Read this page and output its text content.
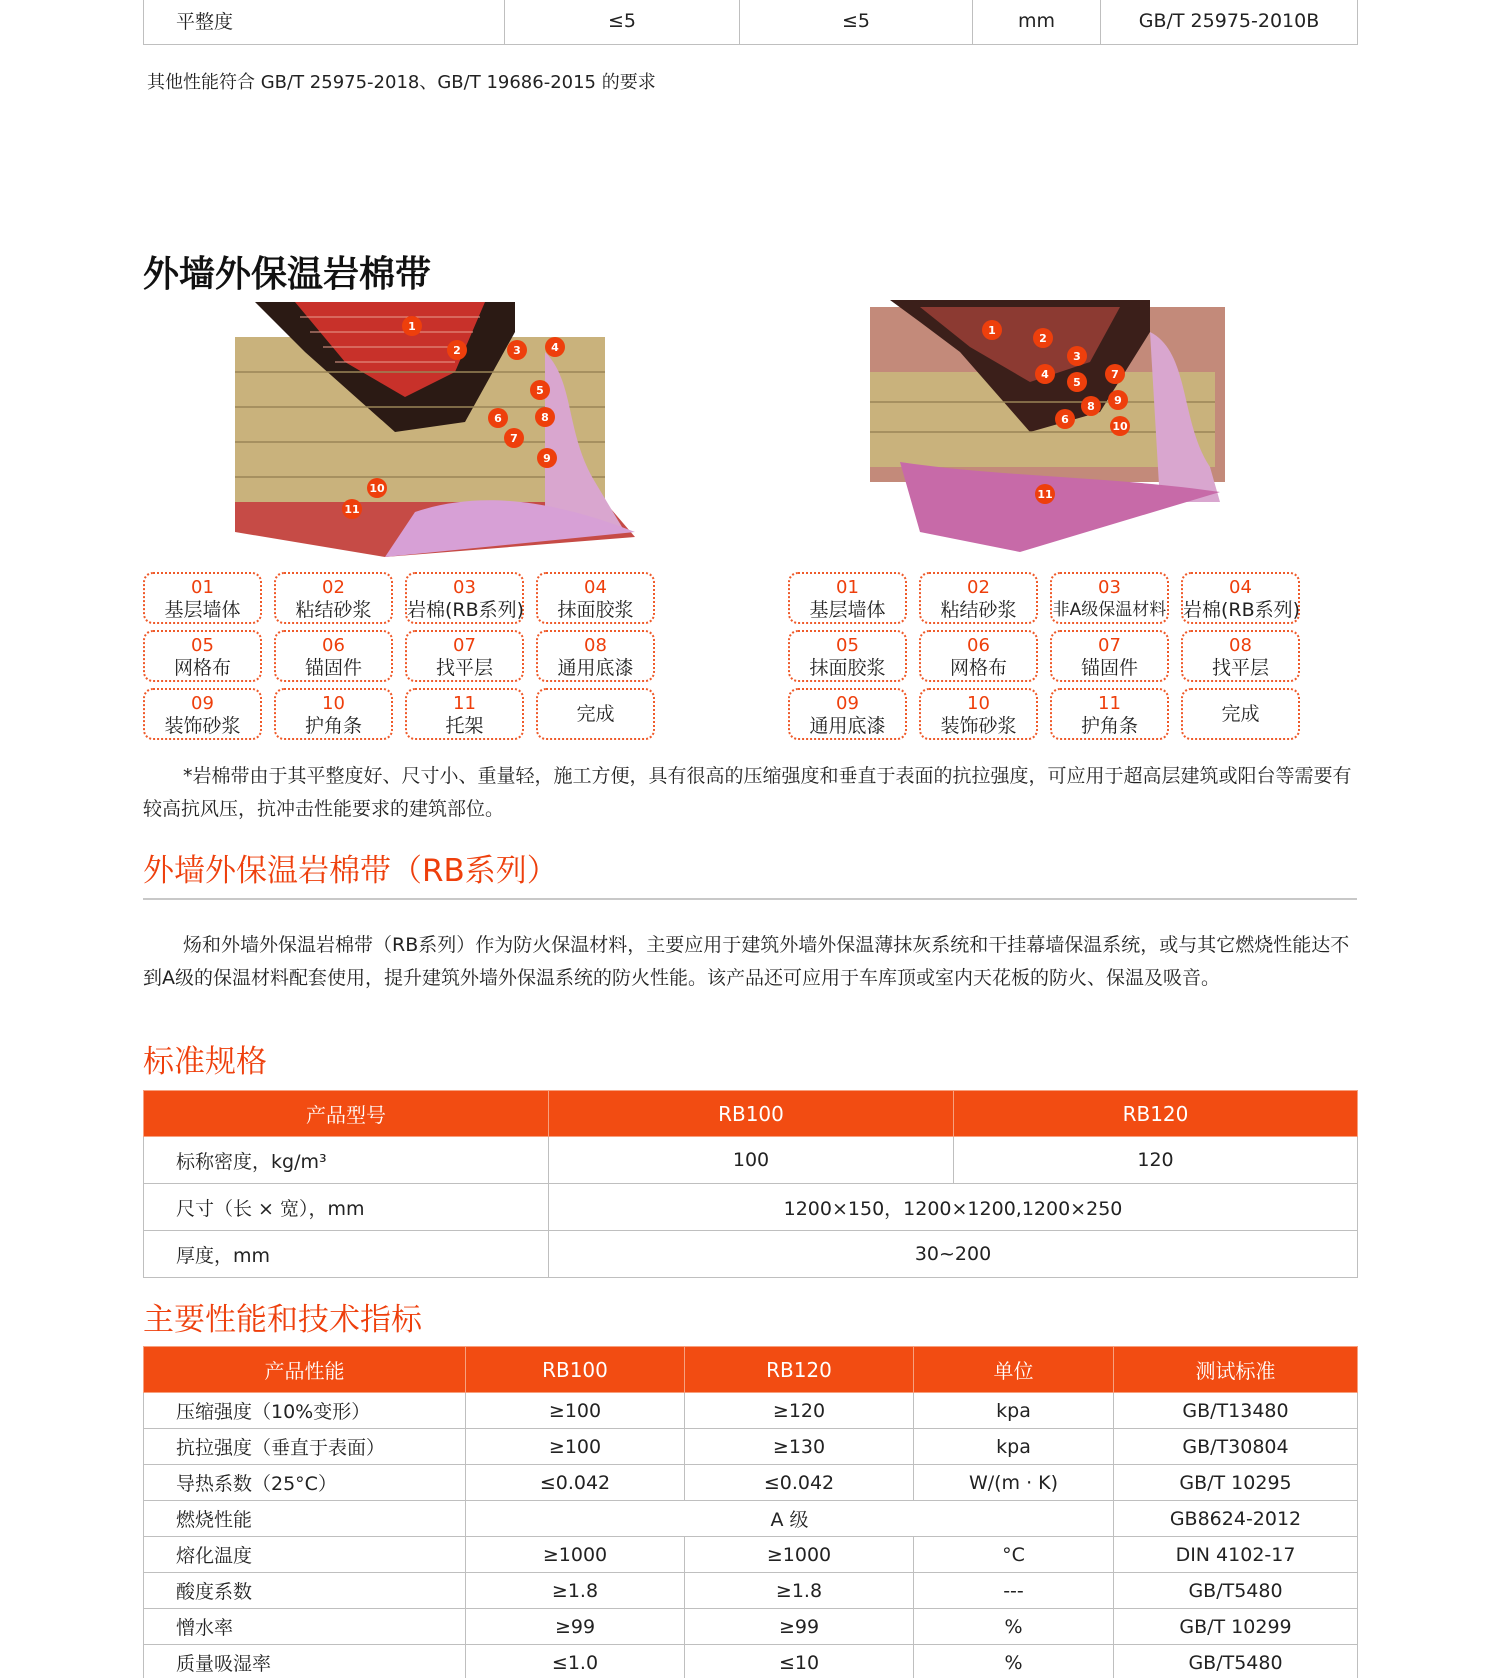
平整度	≤5	≤5	mm	GB/T 25975-2010B
其他性能符合 GB/T 25975-2018、GB/T 19686-2015 的要求
外墙外保温岩棉带
1
2	3	4
5
6
7
8
9
10
11
1
2
3
4
5
6
7
8
10
9
11
01
基层墙体
02
粘结砂浆
03
岩棉(RB系列)
04
抹面胶浆
05
网格布
06
锚固件
07
找平层
08
通用底漆
09
装饰砂浆
10
护角条
11
托架
完成
01
基层墙体
02
粘结砂浆
03
非A级保温材料
04
岩棉(RB系列)
05
抹面胶浆
06
网格布
07
锚固件
08
找平层
09
通用底漆
10
装饰砂浆
11
护角条
完成
*岩棉带由于其平整度好、尺寸小、重量轻，施工方便，具有很高的压缩强度和垂直于表面的抗拉强度，可应用于超高层建筑或阳台等需要有较高抗风压，抗冲击性能要求的建筑部位。
外墙外保温岩棉带（RB系列）
炀和外墙外保温岩棉带（RB系列）作为防火保温材料，主要应用于建筑外墙外保温薄抹灰系统和干挂幕墙保温系统，或与其它燃烧性能达不到A级的保温材料配套使用，提升建筑外墙外保温系统的防火性能。该产品还可应用于车库顶或室内天花板的防火、保温及吸音。
标准规格
产品型号	RB100	RB120
标称密度，kg/m³	100	120
尺寸（长 × 宽），mm	1200×150，1200×1200,1200×250	
厚度，mm	30~200	
主要性能和技术指标
产品性能	RB100	RB120	单位	测试标准
压缩强度（10%变形）	≥100	≥120	kpa	GB/T13480
抗拉强度（垂直于表面）	≥100	≥130	kpa	GB/T30804
导热系数（25°C）	≤0.042	≤0.042	W/(m · K)	GB/T 10295
燃烧性能	A 级			GB8624-2012
熔化温度	≥1000	≥1000	°C	DIN 4102-17
酸度系数	≥1.8	≥1.8	---	GB/T5480
憎水率	≥99	≥99	%	GB/T 10299
质量吸湿率	≤1.0	≤10	%	GB/T5480
